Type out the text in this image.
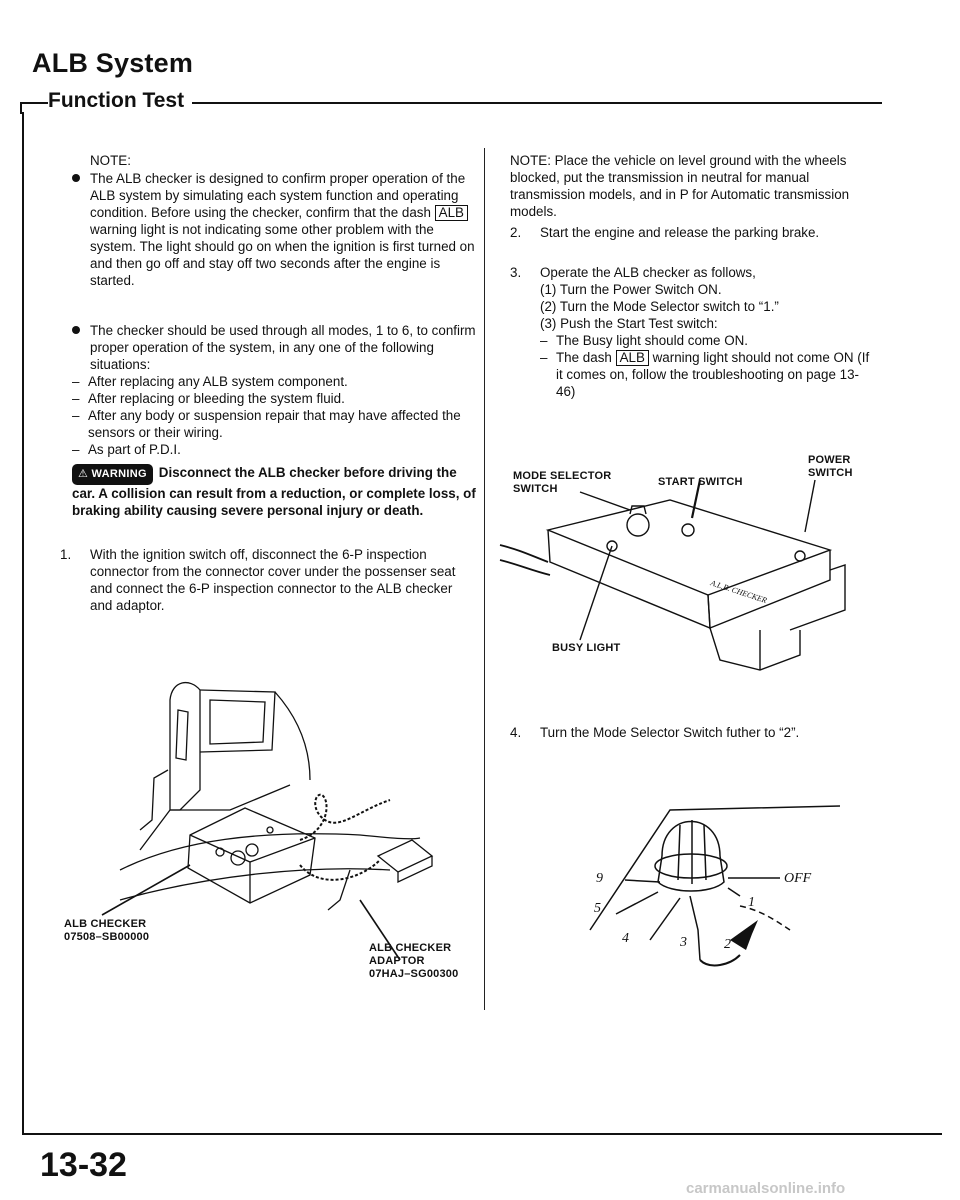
ALB System
Function Test
NOTE:
The ALB checker is designed to confirm proper operation of the ALB system by simulating each system function and operating condition. Before using the checker, confirm that the dash ALB warning light is not indicating some other problem with the system. The light should go on when the ignition is first turned on and then go off and stay off two seconds after the engine is started.
The checker should be used through all modes, 1 to 6, to confirm proper operation of the system, in any one of the following situations:
– After replacing any ALB system component.
– After replacing or bleeding the system fluid.
– After any body or suspension repair that may have affected the sensors or their wiring.
– As part of P.D.I.
⚠ WARNING Disconnect the ALB checker before driving the car. A collision can result from a reduction, or complete loss, of braking ability causing severe personal injury or death.
1. With the ignition switch off, disconnect the 6-P inspection connector from the connector cover under the possenser seat and connect the 6-P inspection connector to the ALB checker and adaptor.
ALB CHECKER
07508–SB00000
ALB CHECKER
ADAPTOR
07HAJ–SG00300
NOTE: Place the vehicle on level ground with the wheels blocked, put the transmission in neutral for manual transmission models, and in P for Automatic transmission models.
2. Start the engine and release the parking brake.
3. Operate the ALB checker as follows,
(1) Turn the Power Switch ON.
(2) Turn the Mode Selector switch to “1.”
(3) Push the Start Test switch:
– The Busy light should come ON.
– The dash ALB warning light should not come ON (If it comes on, follow the troubleshooting on page 13-46)
A.L.B. CHECKER
MODE SELECTOR
SWITCH
START SWITCH
POWER
SWITCH
BUSY LIGHT
4. Turn the Mode Selector Switch futher to “2”.
9
5
4	3	2
OFF
1
13-32
carmanualsonline.info
